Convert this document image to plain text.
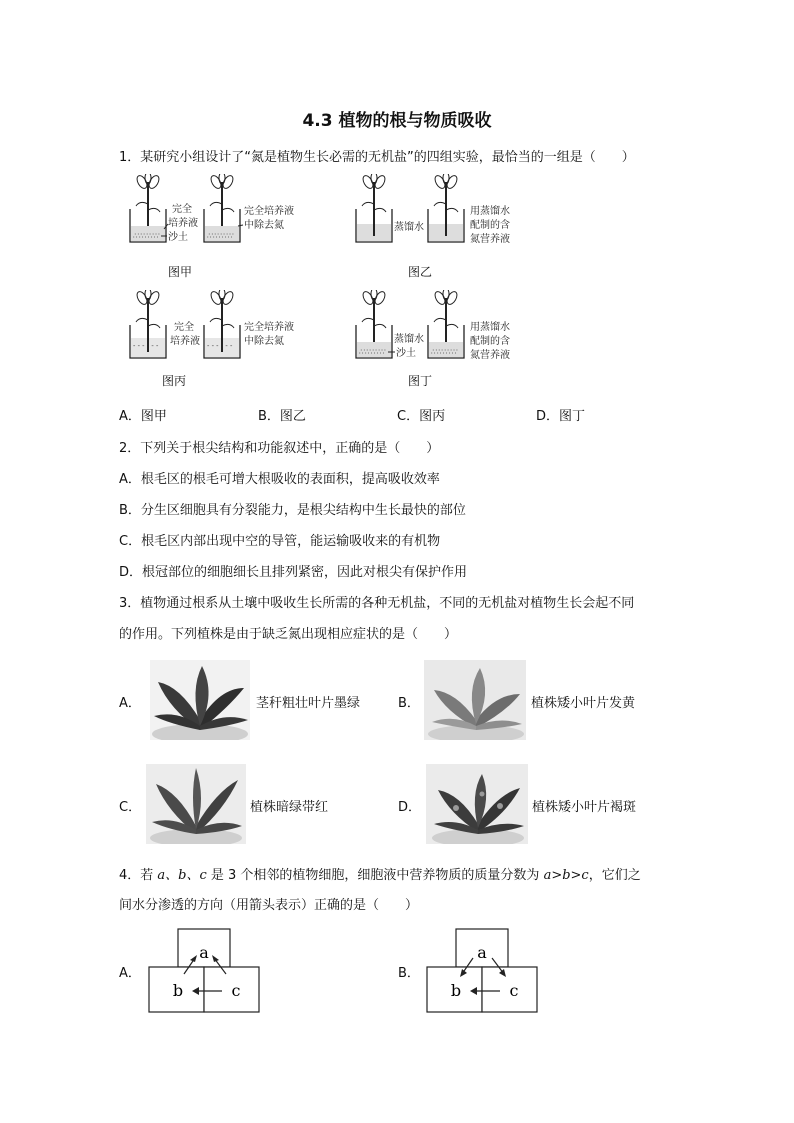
4.3 植物的根与物质吸收
1．某研究小组设计了“氮是植物生长必需的无机盐”的四组实验，最恰当的一组是（　　）
∴∵∴∵∴∵	∴∵∴∵∴∵
完全
培养液
沙土
完全培养液
中除去氮
图甲
蒸馏水
用蒸馏水
配制的含
氮营养液
图乙
- - - - - -	- - - - - -
完全
培养液
完全培养液
中除去氮
图丙
∴∵∴∵∴∵	∴∵∴∵∴∵
蒸馏水
沙土
用蒸馏水
配制的含
氮营养液
图丁
A．图甲	B．图乙	C．图丙	D．图丁
2．下列关于根尖结构和功能叙述中，正确的是（　　）
A．根毛区的根毛可增大根吸收的表面积，提高吸收效率
B．分生区细胞具有分裂能力，是根尖结构中生长最快的部位
C．根毛区内部出现中空的导管，能运输吸收来的有机物
D．根冠部位的细胞细长且排列紧密，因此对根尖有保护作用
3．植物通过根系从土壤中吸收生长所需的各种无机盐，不同的无机盐对植物生长会起不同
的作用。下列植株是由于缺乏氮出现相应症状的是（　　）
A．	茎秆粗壮叶片墨绿	B．	植株矮小叶片发黄
C．	植株暗绿带红	D．	植株矮小叶片褐斑
4．若 a、b、c 是 3 个相邻的植物细胞，细胞液中营养物质的质量分数为 a>b>c，它们之
间水分渗透的方向（用箭头表示）正确的是（　　）
A．
a
b	c
B．
a
b	c
